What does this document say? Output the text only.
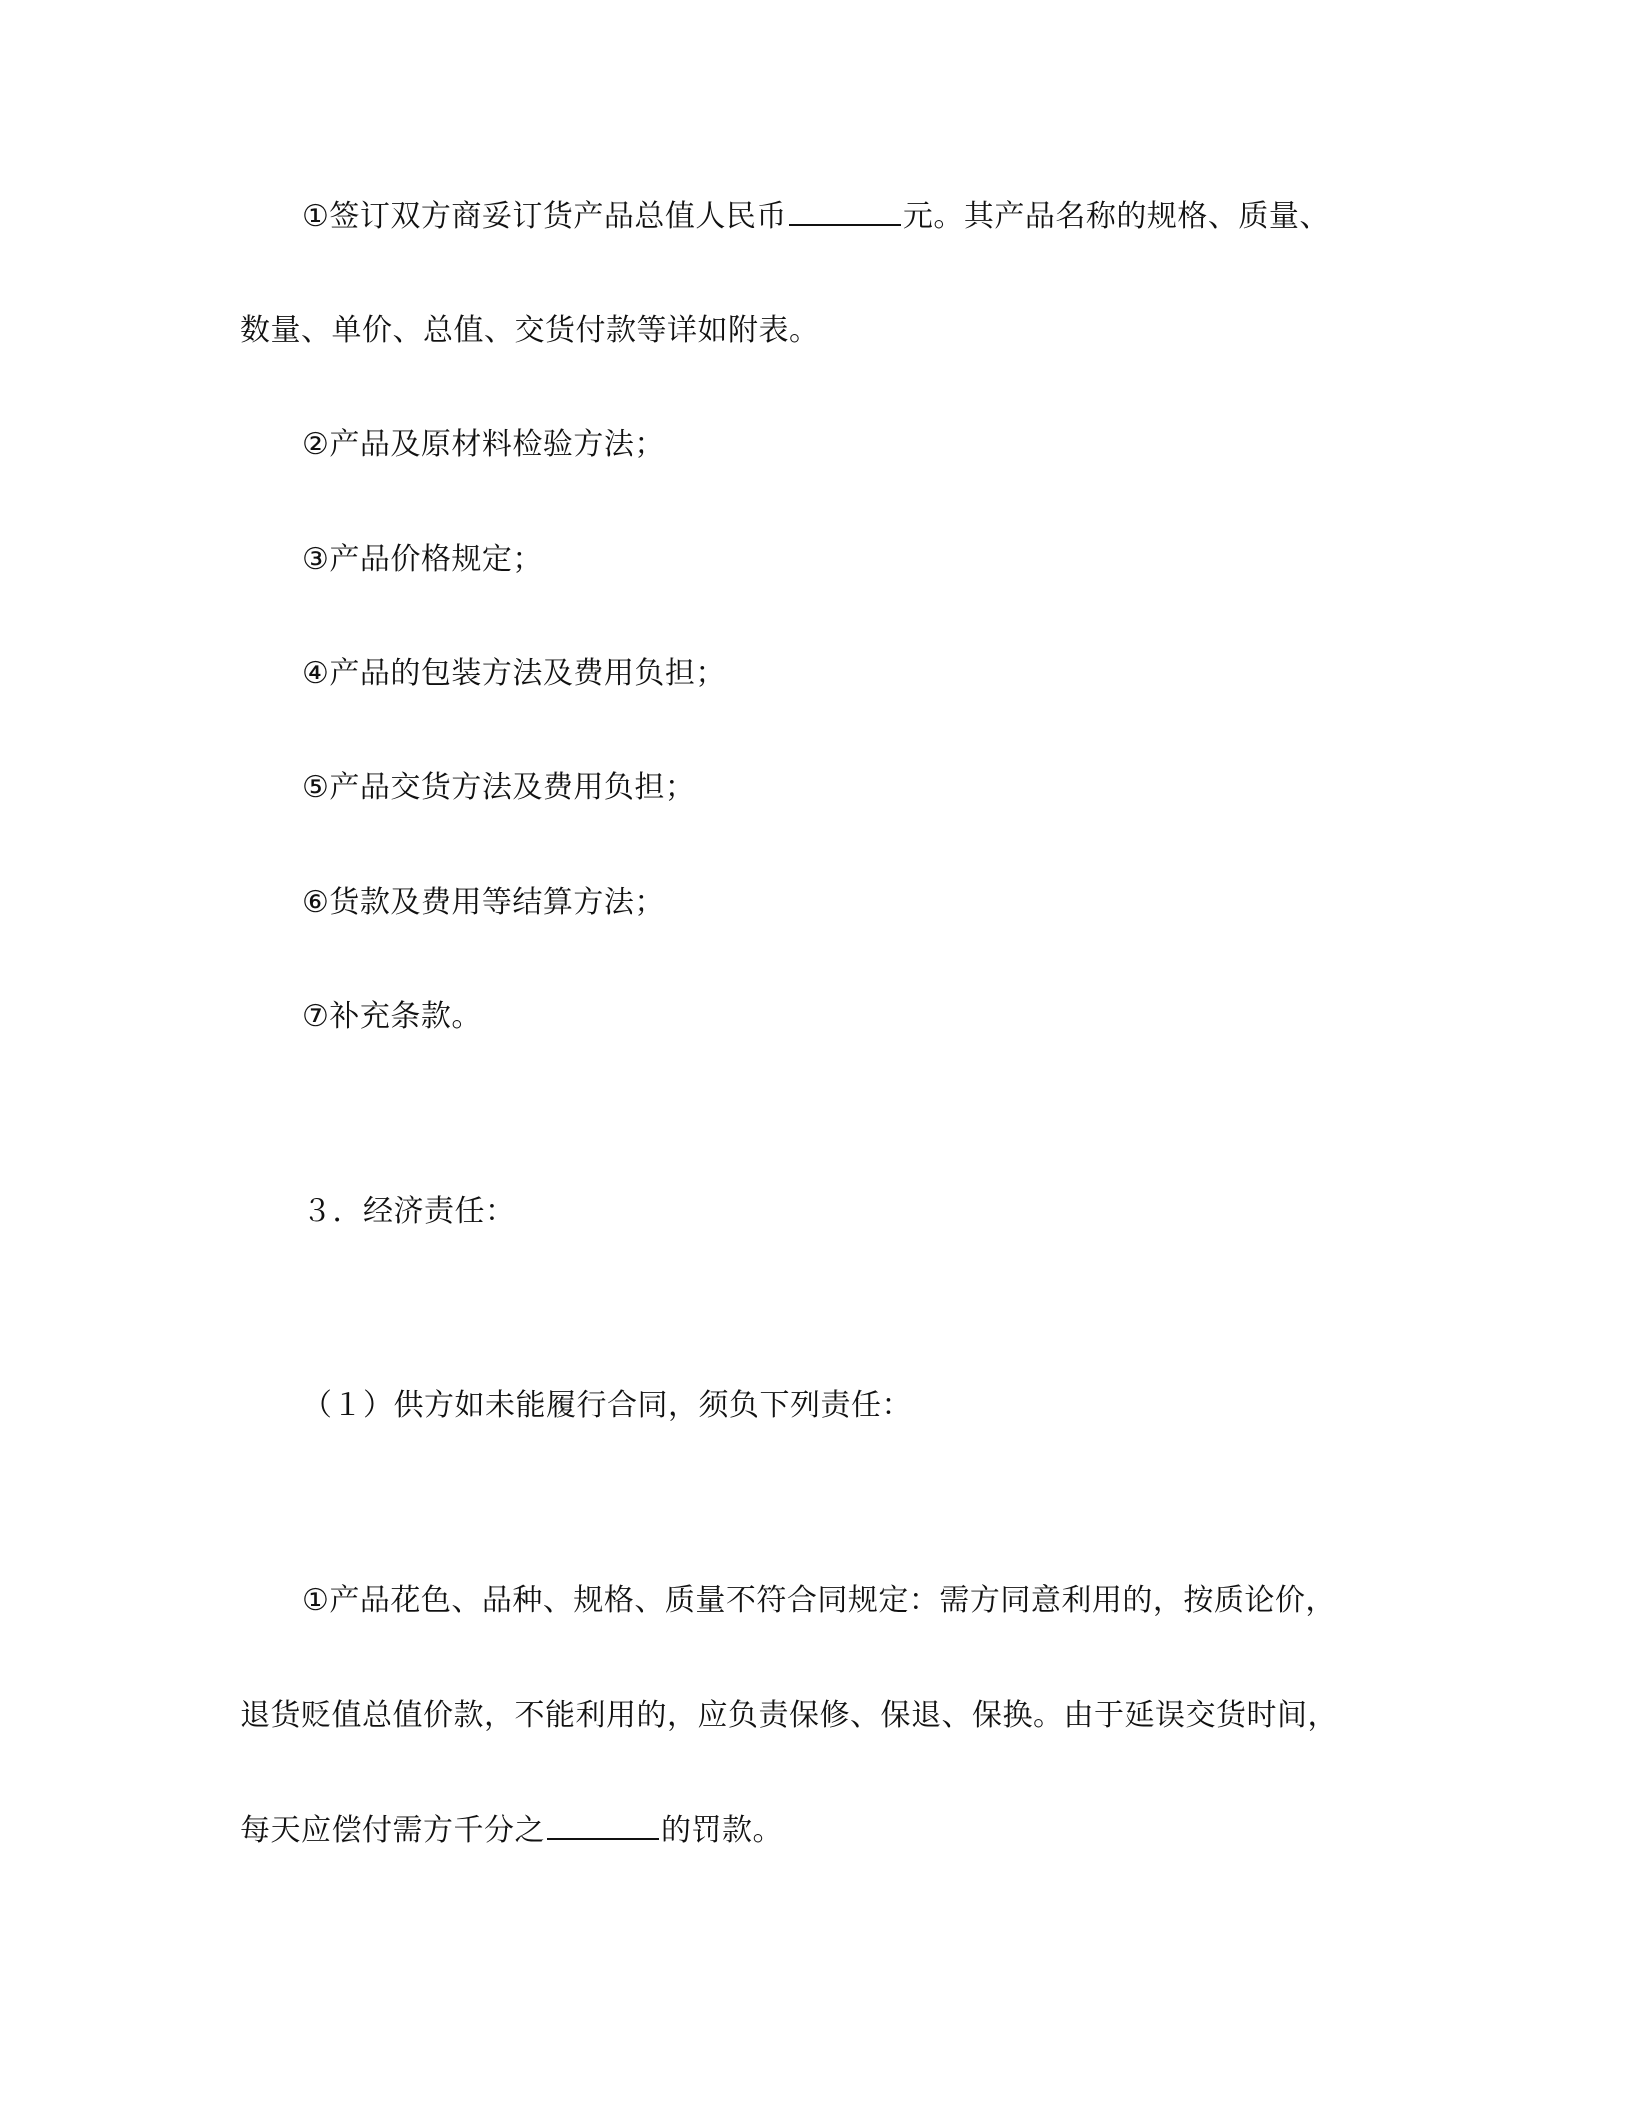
①签订双方商妥订货产品总值人民币	元。其产品名称的规格、质量、
数量、单价、总值、交货付款等详如附表。
②产品及原材料检验方法；
③产品价格规定；
④产品的包装方法及费用负担；
⑤产品交货方法及费用负担；
⑥货款及费用等结算方法；
⑦补充条款。
３．经济责任：
（１）供方如未能履行合同，须负下列责任：
①产品花色、品种、规格、质量不符合同规定：需方同意利用的，按质论价，
退货贬值总值价款，不能利用的，应负责保修、保退、保换。由于延误交货时间，
每天应偿付需方千分之	的罚款。
